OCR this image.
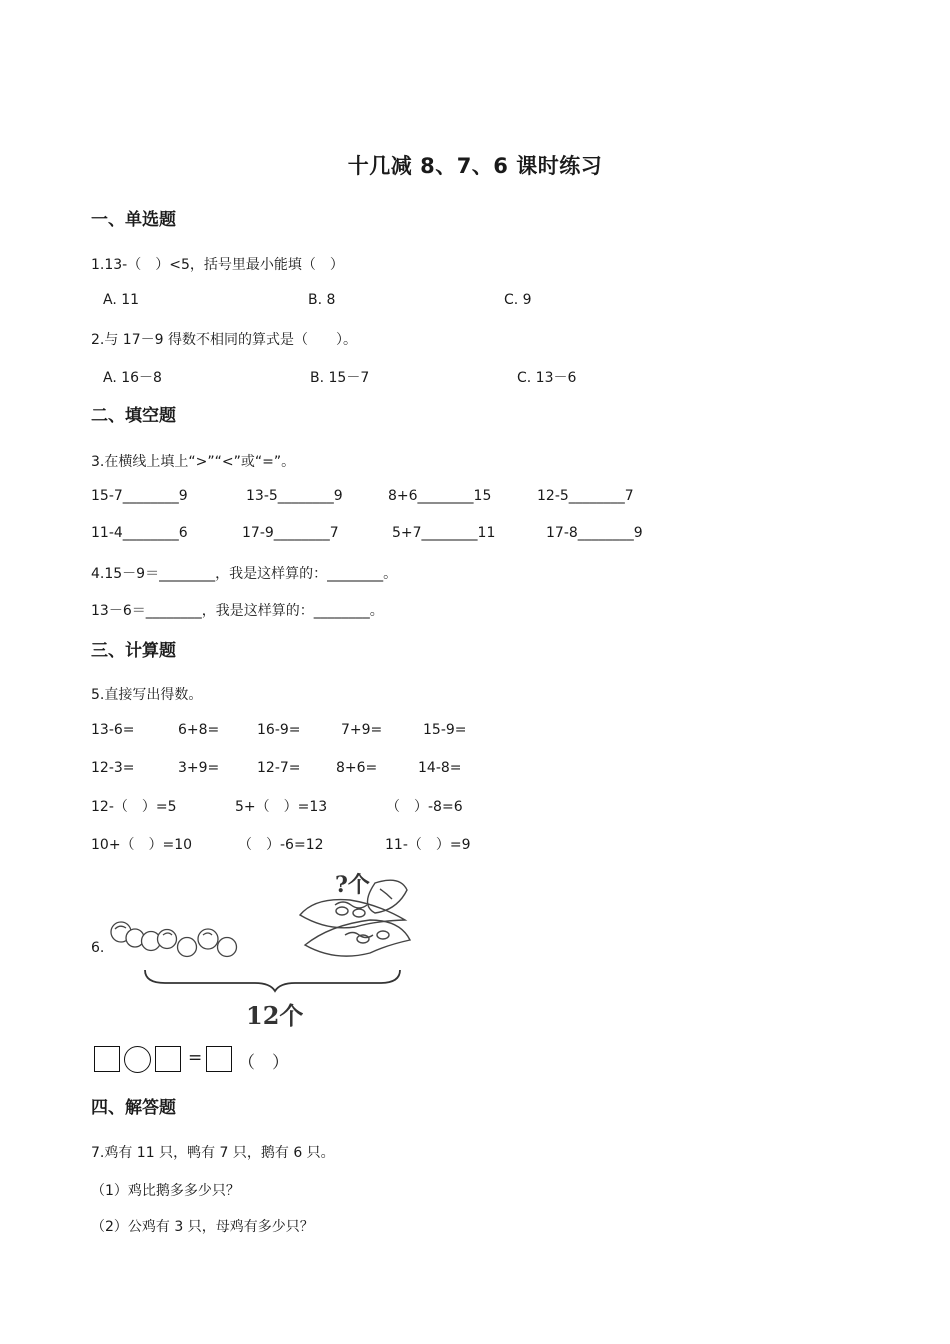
十几减 8、7、6 课时练习
一、单选题
1.13-（　）<5，括号里最小能填（　）
A. 11	B. 8	C. 9
2.与 17－9 得数不相同的算式是（　　）。
A. 16－8	B. 15－7	C. 13－6
二、填空题
3.在横线上填上“>”“<”或“=”。
15-7________9	13-5________9	8+6________15	12-5________7
11-4________6	17-9________7	5+7________11	17-8________9
4.15－9＝________，我是这样算的：________。
13－6＝________，我是这样算的：________。
三、计算题
5.直接写出得数。
13-6=	6+8=	16-9=	7+9=	15-9=
12-3=	3+9=	12-7=	8+6=	14-8=
12-（　）=5	5+（　）=13	（　）-8=6
10+（　）=10	（　）-6=12	11-（　）=9
6.
?个
12个
= （　）
四、解答题
7.鸡有 11 只，鸭有 7 只，鹅有 6 只。
（1）鸡比鹅多多少只？
（2）公鸡有 3 只，母鸡有多少只？
